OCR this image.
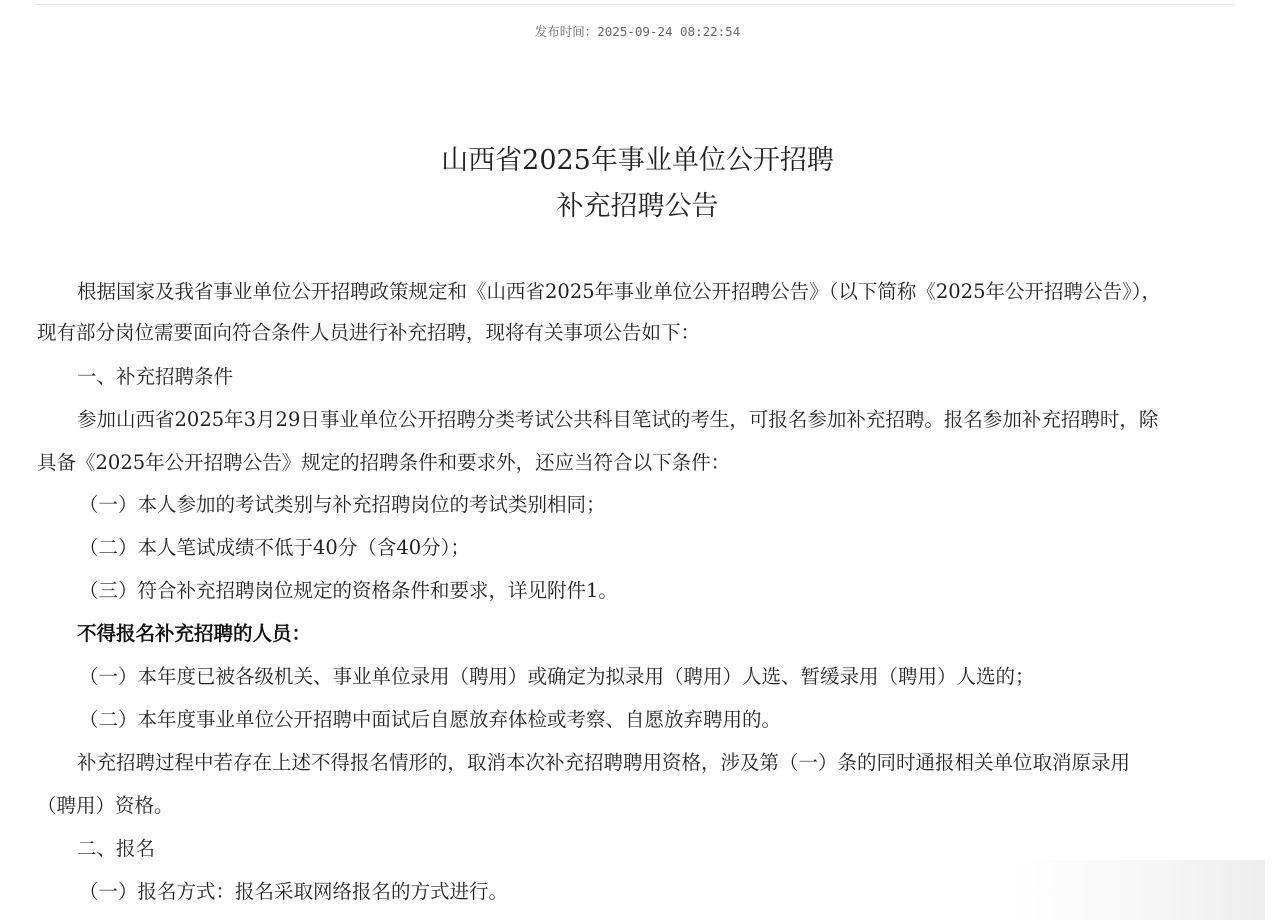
发布时间：2025-09-24 08:22:54
山西省2025年事业单位公开招聘
补充招聘公告
根据国家及我省事业单位公开招聘政策规定和《山西省2025年事业单位公开招聘公告》（以下简称《2025年公开招聘公告》），
现有部分岗位需要面向符合条件人员进行补充招聘，现将有关事项公告如下：
一、补充招聘条件
参加山西省2025年3月29日事业单位公开招聘分类考试公共科目笔试的考生，可报名参加补充招聘。报名参加补充招聘时，除
具备《2025年公开招聘公告》规定的招聘条件和要求外，还应当符合以下条件：
（一）本人参加的考试类别与补充招聘岗位的考试类别相同；
（二）本人笔试成绩不低于40分（含40分）；
（三）符合补充招聘岗位规定的资格条件和要求，详见附件1。
不得报名补充招聘的人员：
（一）本年度已被各级机关、事业单位录用（聘用）或确定为拟录用（聘用）人选、暂缓录用（聘用）人选的；
（二）本年度事业单位公开招聘中面试后自愿放弃体检或考察、自愿放弃聘用的。
补充招聘过程中若存在上述不得报名情形的，取消本次补充招聘聘用资格，涉及第（一）条的同时通报相关单位取消原录用
（聘用）资格。
二、报名
（一）报名方式：报名采取网络报名的方式进行。
